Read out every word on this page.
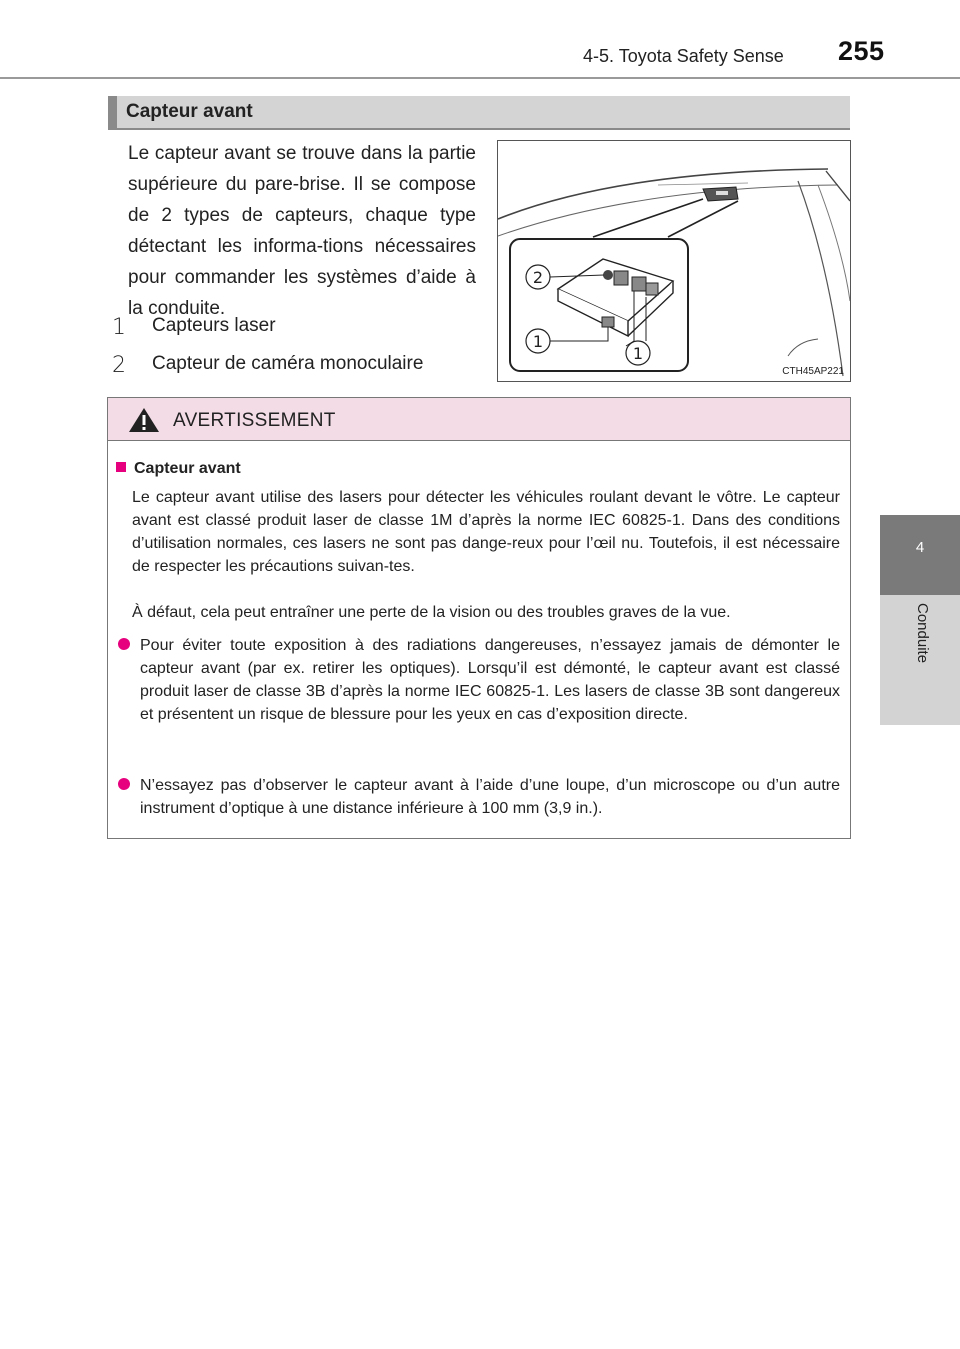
4-5. Toyota Safety Sense 255
4
Conduite
Capteur avant

Le capteur avant se trouve dans la partie supérieure du pare-brise. Il se compose de 2 types de capteurs, chaque type détectant les informa-tions nécessaires pour commander les systèmes d’aide à la conduite.

1	Capteurs laser
2	Capteur de caméra monoculaire
2
1
1
CTH45AP221
AVERTISSEMENT
Capteur avant

Le capteur avant utilise des lasers pour détecter les véhicules roulant devant le vôtre. Le capteur avant est classé produit laser de classe 1M d’après la norme IEC 60825-1. Dans des conditions d’utilisation normales, ces lasers ne sont pas dange-reux pour l’œil nu. Toutefois, il est nécessaire de respecter les précautions suivan-tes.

À défaut, cela peut entraîner une perte de la vision ou des troubles graves de la vue.

Pour éviter toute exposition à des radiations dangereuses, n’essayez jamais de démonter le capteur avant (par ex. retirer les optiques). Lorsqu’il est démonté, le capteur avant est classé produit laser de classe 3B d’après la norme IEC 60825-1. Les lasers de classe 3B sont dangereux et présentent un risque de blessure pour les yeux en cas d’exposition directe.

N’essayez pas d’observer le capteur avant à l’aide d’une loupe, d’un microscope ou d’un autre instrument d’optique à une distance inférieure à 100 mm (3,9 in.).
